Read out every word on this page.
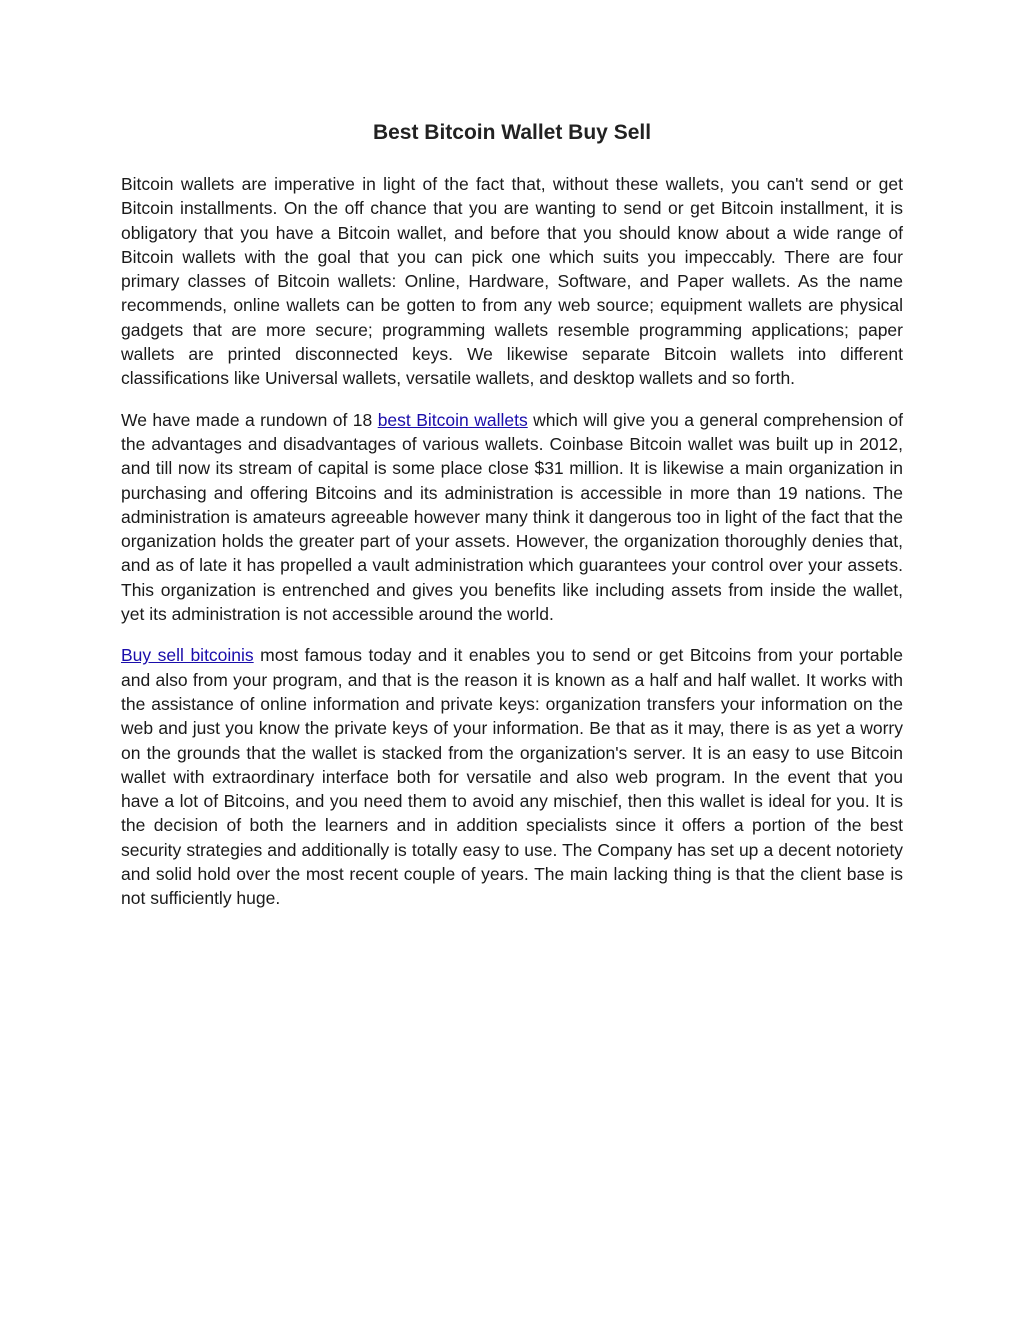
Best Bitcoin Wallet Buy Sell

Bitcoin wallets are imperative in light of the fact that, without these wallets, you can't send or get Bitcoin installments. On the off chance that you are wanting to send or get Bitcoin installment, it is obligatory that you have a Bitcoin wallet, and before that you should know about a wide range of Bitcoin wallets with the goal that you can pick one which suits you impeccably. There are four primary classes of Bitcoin wallets: Online, Hardware, Software, and Paper wallets. As the name recommends, online wallets can be gotten to from any web source; equipment wallets are physical gadgets that are more secure; programming wallets resemble programming applications; paper wallets are printed disconnected keys. We likewise separate Bitcoin wallets into different classifications like Universal wallets, versatile wallets, and desktop wallets and so forth.

We have made a rundown of 18 best Bitcoin wallets which will give you a general comprehension of the advantages and disadvantages of various wallets. Coinbase Bitcoin wallet was built up in 2012, and till now its stream of capital is some place close $31 million. It is likewise a main organization in purchasing and offering Bitcoins and its administration is accessible in more than 19 nations. The administration is amateurs agreeable however many think it dangerous too in light of the fact that the organization holds the greater part of your assets. However, the organization thoroughly denies that, and as of late it has propelled a vault administration which guarantees your control over your assets. This organization is entrenched and gives you benefits like including assets from inside the wallet, yet its administration is not accessible around the world.

Buy sell bitcoinis most famous today and it enables you to send or get Bitcoins from your portable and also from your program, and that is the reason it is known as a half and half wallet. It works with the assistance of online information and private keys: organization transfers your information on the web and just you know the private keys of your information. Be that as it may, there is as yet a worry on the grounds that the wallet is stacked from the organization's server. It is an easy to use Bitcoin wallet with extraordinary interface both for versatile and also web program. In the event that you have a lot of Bitcoins, and you need them to avoid any mischief, then this wallet is ideal for you. It is the decision of both the learners and in addition specialists since it offers a portion of the best security strategies and additionally is totally easy to use. The Company has set up a decent notoriety and solid hold over the most recent couple of years. The main lacking thing is that the client base is not sufficiently huge.
